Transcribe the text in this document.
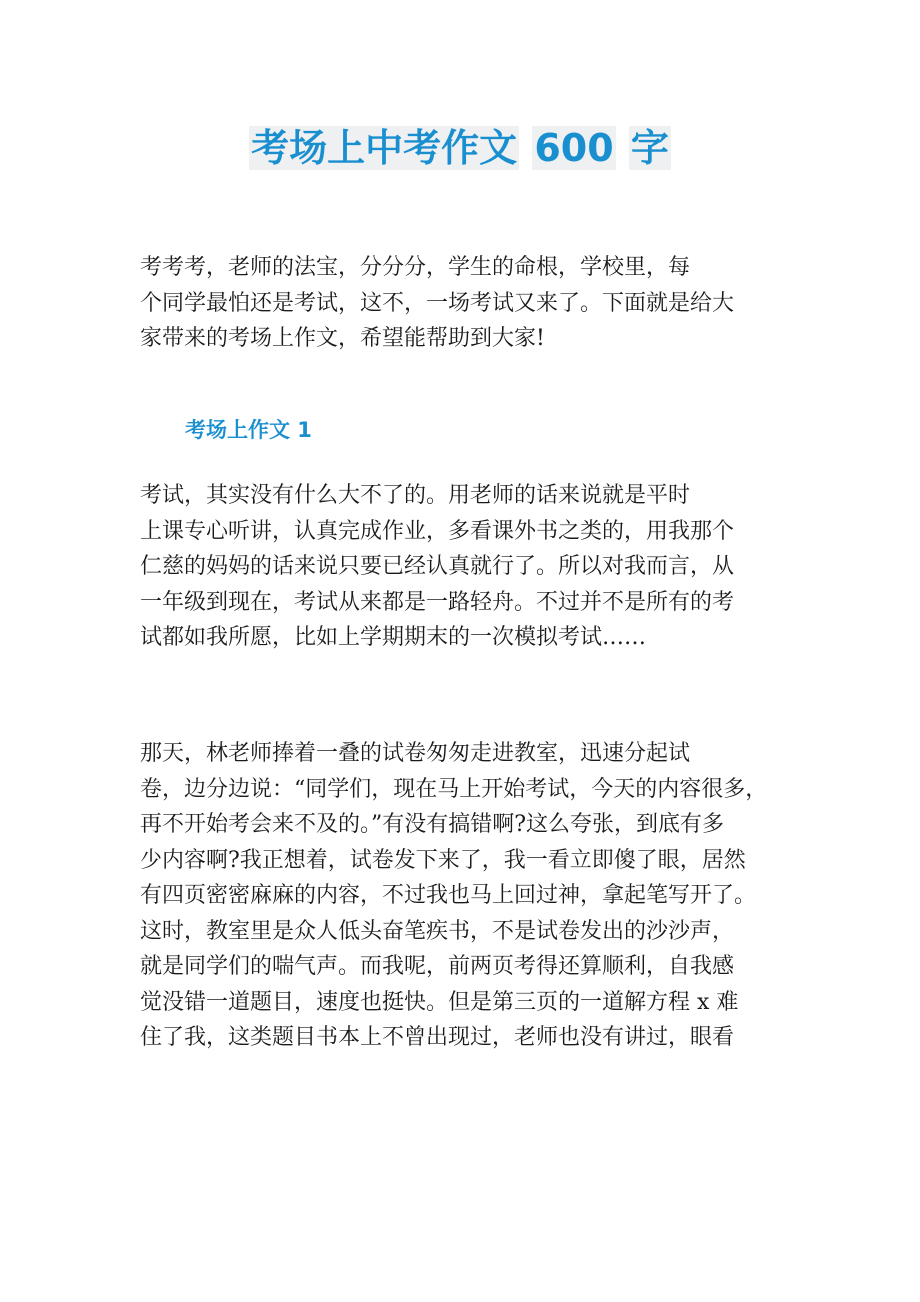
考场上中考作文 600 字

考考考，老师的法宝，分分分，学生的命根，学校里，每
个同学最怕还是考试，这不，一场考试又来了。下面就是给大
家带来的考场上作文，希望能帮助到大家!

考场上作文 1

考试，其实没有什么大不了的。用老师的话来说就是平时
上课专心听讲，认真完成作业，多看课外书之类的，用我那个
仁慈的妈妈的话来说只要已经认真就行了。所以对我而言，从
一年级到现在，考试从来都是一路轻舟。不过并不是所有的考
试都如我所愿，比如上学期期末的一次模拟考试……

那天，林老师捧着一叠的试卷匆匆走进教室，迅速分起试
卷，边分边说：“同学们，现在马上开始考试，今天的内容很多，
再不开始考会来不及的。”有没有搞错啊?这么夸张，到底有多
少内容啊?我正想着，试卷发下来了，我一看立即傻了眼，居然
有四页密密麻麻的内容，不过我也马上回过神，拿起笔写开了。
这时，教室里是众人低头奋笔疾书，不是试卷发出的沙沙声，
就是同学们的喘气声。而我呢，前两页考得还算顺利，自我感
觉没错一道题目，速度也挺快。但是第三页的一道解方程 x 难
住了我，这类题目书本上不曾出现过，老师也没有讲过，眼看
